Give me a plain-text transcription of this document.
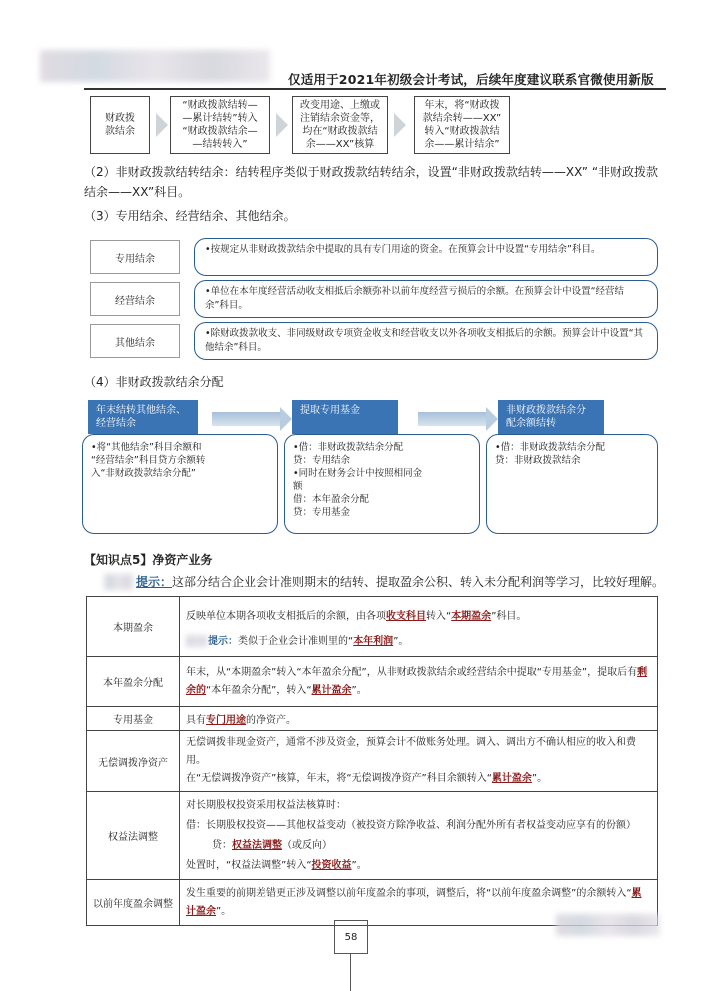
仅适用于2021年初级会计考试，后续年度建议联系官微使用新版
财政拨
款结余
“财政拨款结转—
—累计结转”转入
“财政拨款结余—
—结转转入”
改变用途、上缴或
注销结余资金等，
均在“财政拨款结
余——XX”核算
年末，将“财政拨
款结余转——XX”
转入“财政拨款结
余——累计结余”
（2）非财政拨款结转结余：结转程序类似于财政拨款结转结余，设置“非财政拨款结转——XX” “非财政拨款结余——XX”科目。
（3）专用结余、经营结余、其他结余。
专用结余
•按规定从非财政拨款结余中提取的具有专门用途的资金。在预算会计中设置“专用结余”科目。
经营结余
•单位在本年度经营活动收支相抵后余额弥补以前年度经营亏损后的余额。在预算会计中设置“经营结余”科目。
其他结余
•除财政拨款收支、非同级财政专项资金收支和经营收支以外各项收支相抵后的余额。预算会计中设置“其他结余”科目。
（4）非财政拨款结余分配
年末结转其他结余、
经营结余
提取专用基金	非财政拨款结余分
配余额结转
•将“其他结余”科目余额和
“经营结余”科目贷方余额转
入“非财政拨款结余分配”
•借：非财政拨款结余分配
贷：专用结余
•同时在财务会计中按照相同金
额
借：本年盈余分配
贷：专用基金
•借：非财政拨款结余分配
贷：非财政拨款结余
【知识点5】净资产业务
提示：这部分结合企业会计准则期末的结转、提取盈余公积、转入未分配利润等学习，比较好理解。
本期盈余	反映单位本期各项收支相抵后的余额，由各项收支科目转入“本期盈余”科目。
提示：类似于企业会计准则里的“本年利润”。

本年盈余分配	年末，从“本期盈余”转入“本年盈余分配”，从非财政拨款结余或经营结余中提取“专用基金”，提取后有剩余的“本年盈余分配”，转入“累计盈余”。
专用基金	具有专门用途的净资产。
无偿调拨净资产	无偿调拨非现金资产，通常不涉及资金，预算会计不做账务处理。调入、调出方不确认相应的收入和费用。
在“无偿调拨净资产”核算，年末，将“无偿调拨净资产”科目余额转入“累计盈余”。

权益法调整	对长期股权投资采用权益法核算时：
借：长期股权投资——其他权益变动（被投资方除净收益、利润分配外所有者权益变动应享有的份额）
贷：权益法调整（或反向）
处置时，“权益法调整”转入“投资收益”。

以前年度盈余调整	发生重要的前期差错更正涉及调整以前年度盈余的事项，调整后，将“以前年度盈余调整”的余额转入“累计盈余”。
58
